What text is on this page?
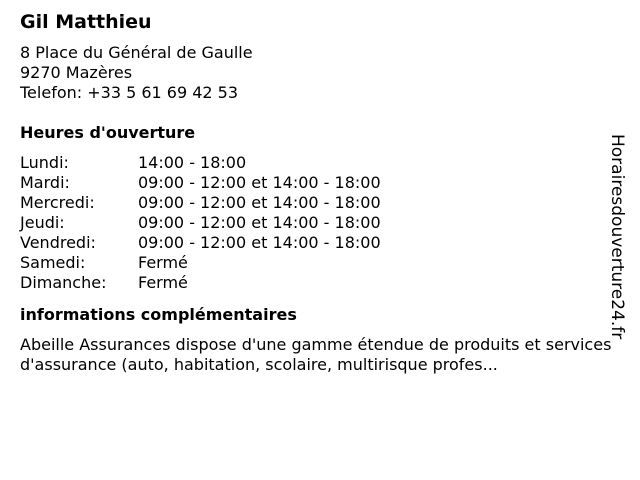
Gil Matthieu
8 Place du Général de Gaulle
9270 Mazères
Telefon: +33 5 61 69 42 53
Heures d'ouverture
Lundi:	14:00 - 18:00
Mardi:	09:00 - 12:00 et 14:00 - 18:00
Mercredi:	09:00 - 12:00 et 14:00 - 18:00
Jeudi:	09:00 - 12:00 et 14:00 - 18:00
Vendredi:	09:00 - 12:00 et 14:00 - 18:00
Samedi:	Fermé
Dimanche:	Fermé
informations complémentaires
Abeille Assurances dispose d'une gamme étendue de produits et services d'assurance (auto, habitation, scolaire, multirisque profes...
Horairesdouverture24.fr
